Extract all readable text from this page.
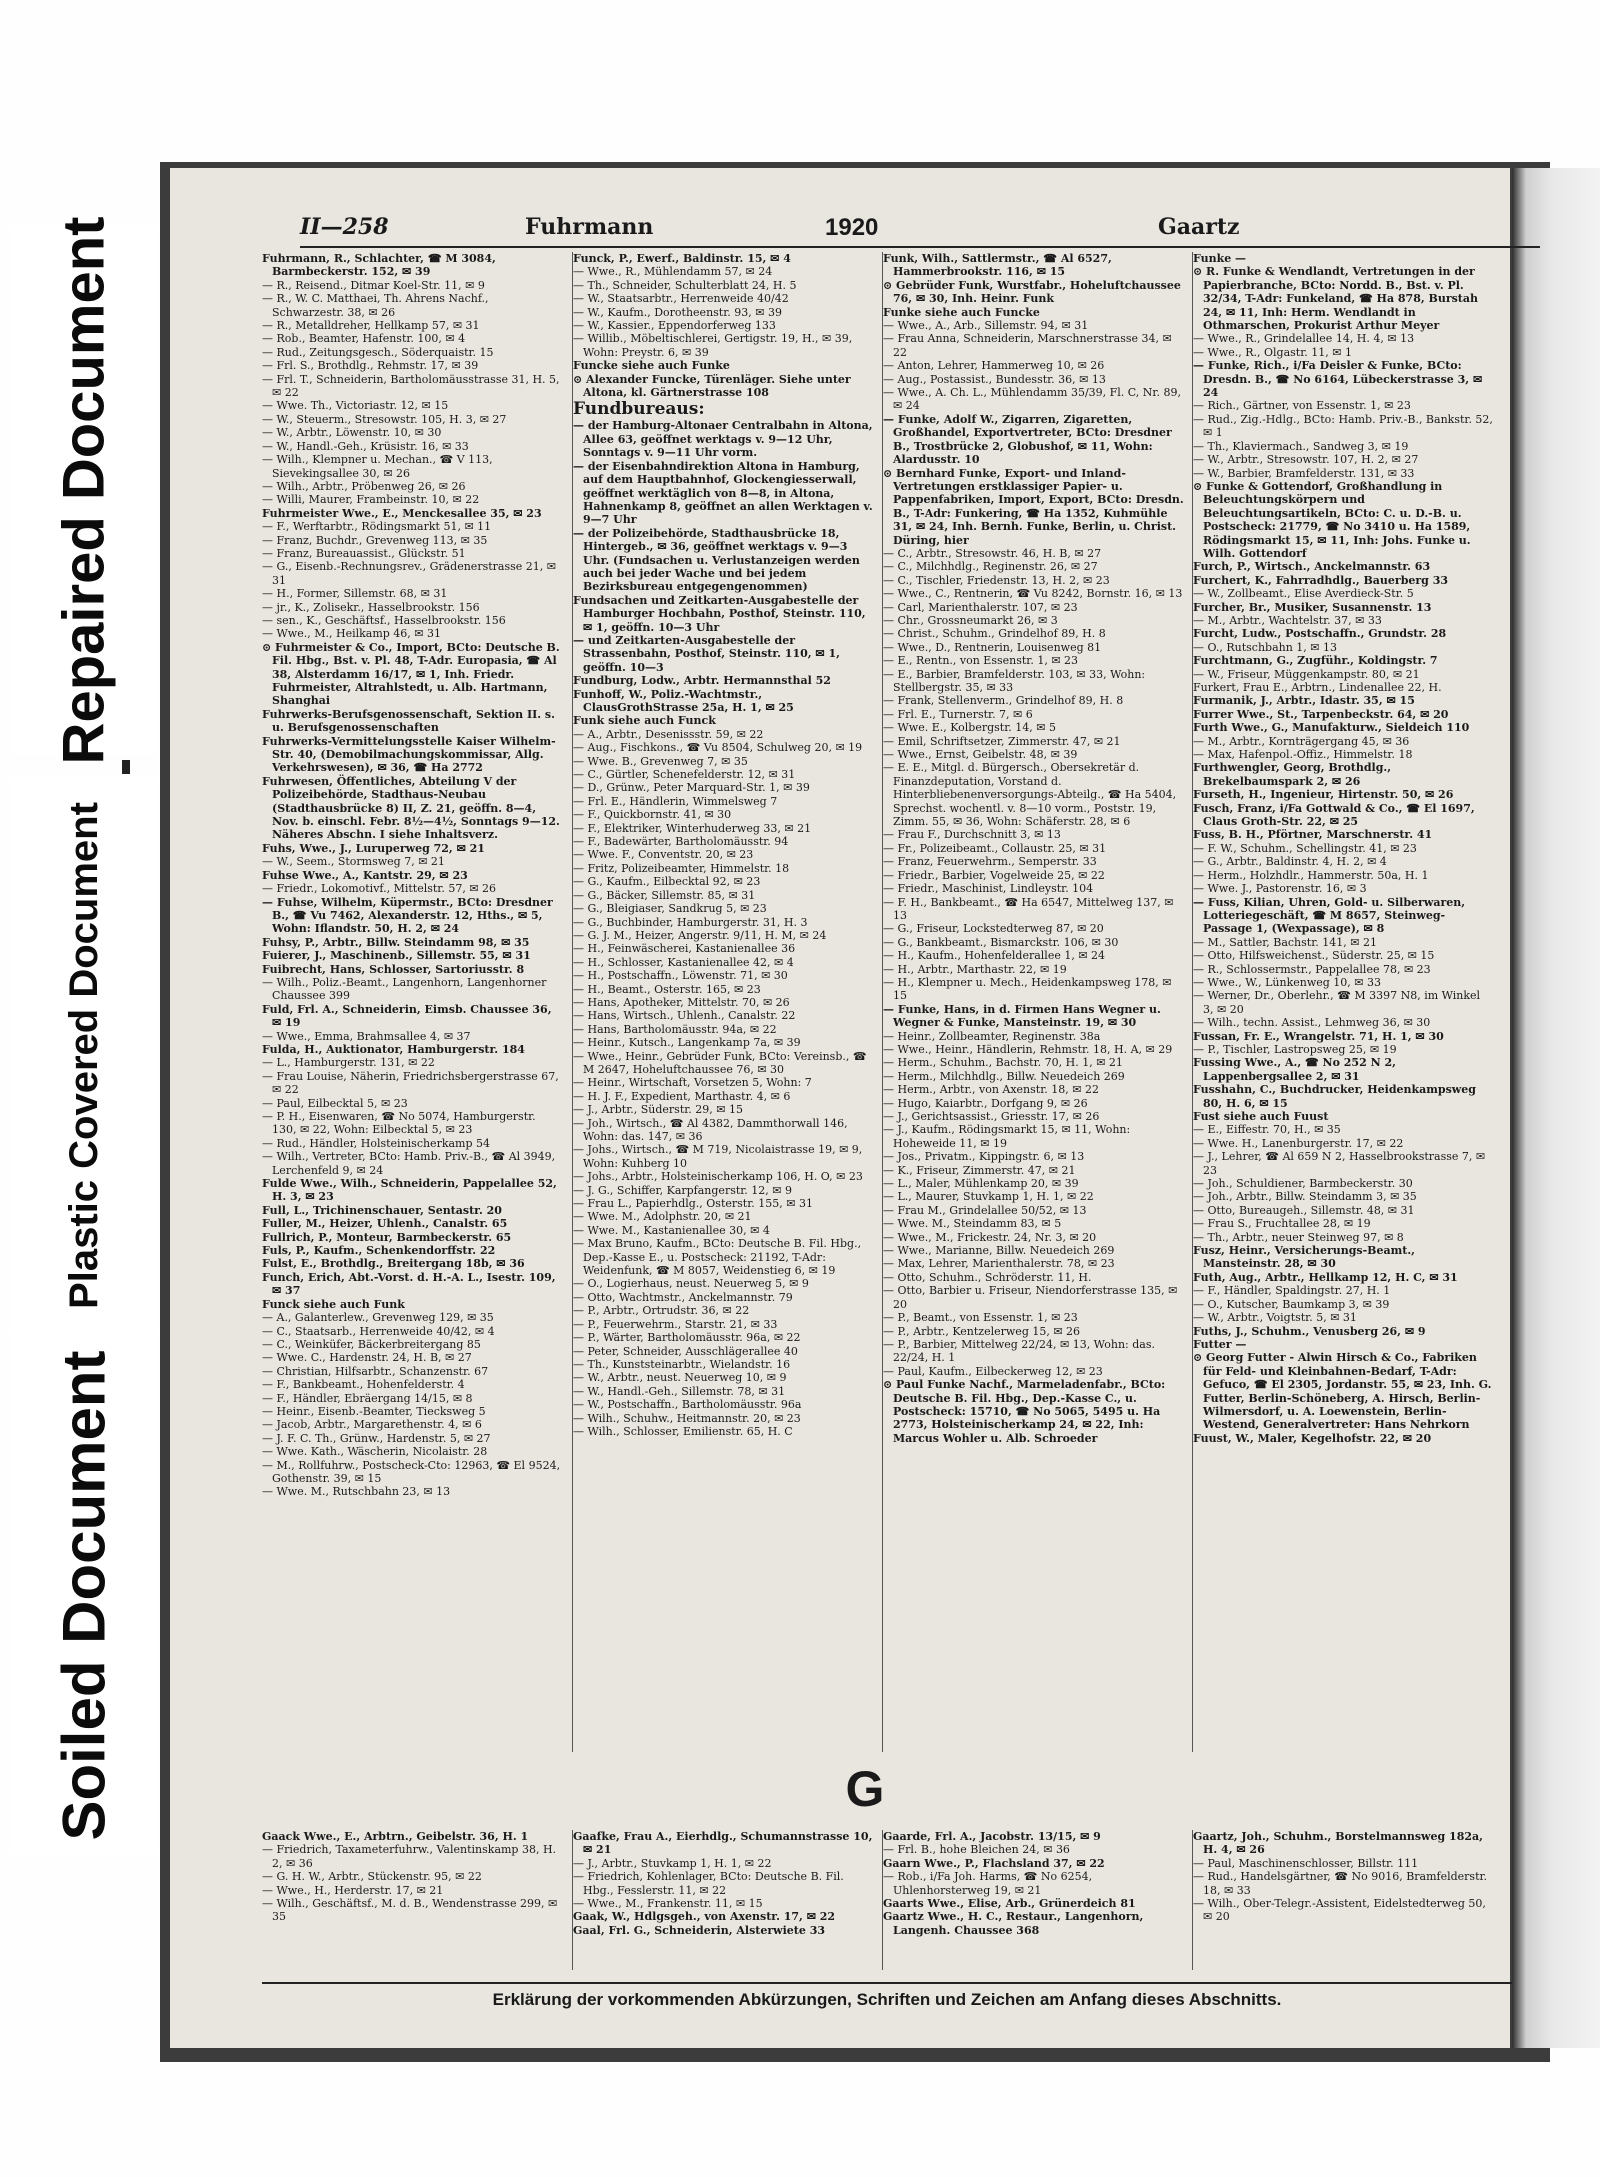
Repaired Document
Plastic Covered Document
Soiled Document
II—258	Fuhrmann	1920	Gaartz
Fuhrmann, R., Schlachter, ☎ M 3084, Barmbeckerstr. 152, ✉ 39
— R., Reisend., Ditmar Koel-Str. 11, ✉ 9
— R., W. C. Matthaei, Th. Ahrens Nachf., Schwarzestr. 38, ✉ 26
— R., Metalldreher, Hellkamp 57, ✉ 31
— Rob., Beamter, Hafenstr. 100, ✉ 4
— Rud., Zeitungsgesch., Söderquaistr. 15
— Frl. S., Brothdlg., Rehmstr. 17, ✉ 39
— Frl. T., Schneiderin, Bartholomäusstrasse 31, H. 5, ✉ 22
— Wwe. Th., Victoriastr. 12, ✉ 15
— W., Steuerm., Stresowstr. 105, H. 3, ✉ 27
— W., Arbtr., Löwenstr. 10, ✉ 30
— W., Handl.-Geh., Krüsistr. 16, ✉ 33
— Wilh., Klempner u. Mechan., ☎ V 113, Sievekingsallee 30, ✉ 26
— Wilh., Arbtr., Pröbenweg 26, ✉ 26
— Willi, Maurer, Frambeinstr. 10, ✉ 22
Fuhrmeister Wwe., E., Menckesallee 35, ✉ 23
— F., Werftarbtr., Rödingsmarkt 51, ✉ 11
— Franz, Buchdr., Grevenweg 113, ✉ 35
— Franz, Bureauassist., Glückstr. 51
— G., Eisenb.-Rechnungsrev., Grädenerstrasse 21, ✉ 31
— H., Former, Sillemstr. 68, ✉ 31
— jr., K., Zolisekr., Hasselbrookstr. 156
— sen., K., Geschäftsf., Hasselbrookstr. 156
— Wwe., M., Heilkamp 46, ✉ 31
⊙ Fuhrmeister & Co., Import, BCto: Deutsche B. Fil. Hbg., Bst. v. Pl. 48, T-Adr. Europasia, ☎ Al 38, Alsterdamm 16/17, ✉ 1, Inh. Friedr. Fuhrmeister, Altrahlstedt, u. Alb. Hartmann, Shanghai
Fuhrwerks-Berufsgenossenschaft, Sektion II. s. u. Berufsgenossenschaften
Fuhrwerks-Vermittelungsstelle Kaiser Wilhelm-Str. 40, (Demobilmachungskommissar, Allg. Verkehrswesen), ✉ 36, ☎ Ha 2772
Fuhrwesen, Öffentliches, Abteilung V der Polizeibehörde, Stadthaus-Neubau (Stadthausbrücke 8) II, Z. 21, geöffn. 8—4, Nov. b. einschl. Febr. 8½—4½, Sonntags 9—12. Näheres Abschn. I siehe Inhaltsverz.
Fuhs, Wwe., J., Luruperweg 72, ✉ 21
— W., Seem., Stormsweg 7, ✉ 21
Fuhse Wwe., A., Kantstr. 29, ✉ 23
— Friedr., Lokomotivf., Mittelstr. 57, ✉ 26
— Fuhse, Wilhelm, Küpermstr., BCto: Dresdner B., ☎ Vu 7462, Alexanderstr. 12, Hths., ✉ 5, Wohn: Iflandstr. 50, H. 2, ✉ 24
Fuhsy, P., Arbtr., Billw. Steindamm 98, ✉ 35
Fuierer, J., Maschinenb., Sillemstr. 55, ✉ 31
Fuibrecht, Hans, Schlosser, Sartoriusstr. 8
— Wilh., Poliz.-Beamt., Langenhorn, Langenhorner Chaussee 399
Fuld, Frl. A., Schneiderin, Eimsb. Chaussee 36, ✉ 19
— Wwe., Emma, Brahmsallee 4, ✉ 37
Fulda, H., Auktionator, Hamburgerstr. 184
— L., Hamburgerstr. 131, ✉ 22
— Frau Louise, Näherin, Friedrichsbergerstrasse 67, ✉ 22
— Paul, Eilbecktal 5, ✉ 23
— P. H., Eisenwaren, ☎ No 5074, Hamburgerstr. 130, ✉ 22, Wohn: Eilbecktal 5, ✉ 23
— Rud., Händler, Holsteinischerkamp 54
— Wilh., Vertreter, BCto: Hamb. Priv.-B., ☎ Al 3949, Lerchenfeld 9, ✉ 24
Fulde Wwe., Wilh., Schneiderin, Pappelallee 52, H. 3, ✉ 23
Full, L., Trichinenschauer, Sentastr. 20
Fuller, M., Heizer, Uhlenh., Canalstr. 65
Fullrich, P., Monteur, Barmbeckerstr. 65
Fuls, P., Kaufm., Schenkendorffstr. 22
Fulst, E., Brothdlg., Breitergang 18b, ✉ 36
Funch, Erich, Abt.-Vorst. d. H.-A. L., Isestr. 109, ✉ 37
Funck siehe auch Funk
— A., Galanterlew., Grevenweg 129, ✉ 35
— C., Staatsarb., Herrenweide 40/42, ✉ 4
— C., Weinküfer, Bäckerbreitergang 85
— Wwe. C., Hardenstr. 24, H. B, ✉ 27
— Christian, Hilfsarbtr., Schanzenstr. 67
— F., Bankbeamt., Hohenfelderstr. 4
— F., Händler, Ebräergang 14/15, ✉ 8
— Heinr., Eisenb.-Beamter, Tiecksweg 5
— Jacob, Arbtr., Margarethenstr. 4, ✉ 6
— J. F. C. Th., Grünw., Hardenstr. 5, ✉ 27
— Wwe. Kath., Wäscherin, Nicolaistr. 28
— M., Rollfuhrw., Postscheck-Cto: 12963, ☎ El 9524, Gothenstr. 39, ✉ 15
— Wwe. M., Rutschbahn 23, ✉ 13
Funck, P., Ewerf., Baldinstr. 15, ✉ 4
— Wwe., R., Mühlendamm 57, ✉ 24
— Th., Schneider, Schulterblatt 24, H. 5
— W., Staatsarbtr., Herrenweide 40/42
— W., Kaufm., Dorotheenstr. 93, ✉ 39
— W., Kassier., Eppendorferweg 133
— Willib., Möbeltischlerei, Gertigstr. 19, H., ✉ 39, Wohn: Preystr. 6, ✉ 39
Funcke siehe auch Funke
⊙ Alexander Funcke, Türenläger. Siehe unter Altona, kl. Gärtnerstrasse 108
Fundbureaus:
— der Hamburg-Altonaer Centralbahn in Altona, Allee 63, geöffnet werktags v. 9—12 Uhr, Sonntags v. 9—11 Uhr vorm.
— der Eisenbahndirektion Altona in Hamburg, auf dem Hauptbahnhof, Glockengiesserwall, geöffnet werktäglich von 8—8, in Altona, Hahnenkamp 8, geöffnet an allen Werktagen v. 9—7 Uhr
— der Polizeibehörde, Stadthausbrücke 18, Hintergeb., ✉ 36, geöffnet werktags v. 9—3 Uhr. (Fundsachen u. Verlustanzeigen werden auch bei jeder Wache und bei jedem Bezirksbureau entgegengenommen)
Fundsachen und Zeitkarten-Ausgabestelle der Hamburger Hochbahn, Posthof, Steinstr. 110, ✉ 1, geöffn. 10—3 Uhr
— und Zeitkarten-Ausgabestelle der Strassenbahn, Posthof, Steinstr. 110, ✉ 1, geöffn. 10—3
Fundburg, Lodw., Arbtr. Hermannsthal 52
Funhoff, W., Poliz.-Wachtmstr., ClausGrothStrasse 25a, H. 1, ✉ 25
Funk siehe auch Funck
— A., Arbtr., Desenissstr. 59, ✉ 22
— Aug., Fischkons., ☎ Vu 8504, Schulweg 20, ✉ 19
— Wwe. B., Grevenweg 7, ✉ 35
— C., Gürtler, Schenefelderstr. 12, ✉ 31
— D., Grünw., Peter Marquard-Str. 1, ✉ 39
— Frl. E., Händlerin, Wimmelsweg 7
— F., Quickbornstr. 41, ✉ 30
— F., Elektriker, Winterhuderweg 33, ✉ 21
— F., Badewärter, Bartholomäusstr. 94
— Wwe. F., Conventstr. 20, ✉ 23
— Fritz, Polizeibeamter, Himmelstr. 18
— G., Kaufm., Eilbecktal 92, ✉ 23
— G., Bäcker, Sillemstr. 85, ✉ 31
— G., Bleigiaser, Sandkrug 5, ✉ 23
— G., Buchbinder, Hamburgerstr. 31, H. 3
— G. J. M., Heizer, Angerstr. 9/11, H. M, ✉ 24
— H., Feinwäscherei, Kastanienallee 36
— H., Schlosser, Kastanienallee 42, ✉ 4
— H., Postschaffn., Löwenstr. 71, ✉ 30
— H., Beamt., Osterstr. 165, ✉ 23
— Hans, Apotheker, Mittelstr. 70, ✉ 26
— Hans, Wirtsch., Uhlenh., Canalstr. 22
— Hans, Bartholomäusstr. 94a, ✉ 22
— Heinr., Kutsch., Langenkamp 7a, ✉ 39
— Wwe., Heinr., Gebrüder Funk, BCto: Vereinsb., ☎ M 2647, Hoheluftchaussee 76, ✉ 30
— Heinr., Wirtschaft, Vorsetzen 5, Wohn: 7
— H. J. F., Expedient, Marthastr. 4, ✉ 6
— J., Arbtr., Süderstr. 29, ✉ 15
— Joh., Wirtsch., ☎ Al 4382, Dammthorwall 146, Wohn: das. 147, ✉ 36
— Johs., Wirtsch., ☎ M 719, Nicolaistrasse 19, ✉ 9, Wohn: Kuhberg 10
— Johs., Arbtr., Holsteinischerkamp 106, H. O, ✉ 23
— J. G., Schiffer, Karpfangerstr. 12, ✉ 9
— Frau L., Papierhdlg., Osterstr. 155, ✉ 31
— Wwe. M., Adolphstr. 20, ✉ 21
— Wwe. M., Kastanienallee 30, ✉ 4
— Max Bruno, Kaufm., BCto: Deutsche B. Fil. Hbg., Dep.-Kasse E., u. Postscheck: 21192, T-Adr: Weidenfunk, ☎ M 8057, Weidenstieg 6, ✉ 19
— O., Logierhaus, neust. Neuerweg 5, ✉ 9
— Otto, Wachtmstr., Anckelmannstr. 79
— P., Arbtr., Ortrudstr. 36, ✉ 22
— P., Feuerwehrm., Starstr. 21, ✉ 33
— P., Wärter, Bartholomäusstr. 96a, ✉ 22
— Peter, Schneider, Ausschlägerallee 40
— Th., Kunststeinarbtr., Wielandstr. 16
— W., Arbtr., neust. Neuerweg 10, ✉ 9
— W., Handl.-Geh., Sillemstr. 78, ✉ 31
— W., Postschaffn., Bartholomäusstr. 96a
— Wilh., Schuhw., Heitmannstr. 20, ✉ 23
— Wilh., Schlosser, Emilienstr. 65, H. C
Funk, Wilh., Sattlermstr., ☎ Al 6527, Hammerbrookstr. 116, ✉ 15
⊙ Gebrüder Funk, Wurstfabr., Hoheluftchaussee 76, ✉ 30, Inh. Heinr. Funk
Funke siehe auch Funcke
— Wwe., A., Arb., Sillemstr. 94, ✉ 31
— Frau Anna, Schneiderin, Marschnerstrasse 34, ✉ 22
— Anton, Lehrer, Hammerweg 10, ✉ 26
— Aug., Postassist., Bundesstr. 36, ✉ 13
— Wwe., A. Ch. L., Mühlendamm 35/39, Fl. C, Nr. 89, ✉ 24
— Funke, Adolf W., Zigarren, Zigaretten, Großhandel, Exportvertreter, BCto: Dresdner B., Trostbrücke 2, Globushof, ✉ 11, Wohn: Alardusstr. 10
⊙ Bernhard Funke, Export- und Inland-Vertretungen erstklassiger Papier- u. Pappenfabriken, Import, Export, BCto: Dresdn. B., T-Adr: Funkering, ☎ Ha 1352, Kuhmühle 31, ✉ 24, Inh. Bernh. Funke, Berlin, u. Christ. Düring, hier
— C., Arbtr., Stresowstr. 46, H. B, ✉ 27
— C., Milchhdlg., Reginenstr. 26, ✉ 27
— C., Tischler, Friedenstr. 13, H. 2, ✉ 23
— Wwe., C., Rentnerin, ☎ Vu 8242, Bornstr. 16, ✉ 13
— Carl, Marienthalerstr. 107, ✉ 23
— Chr., Grossneumarkt 26, ✉ 3
— Christ., Schuhm., Grindelhof 89, H. 8
— Wwe., D., Rentnerin, Louisenweg 81
— E., Rentn., von Essenstr. 1, ✉ 23
— E., Barbier, Bramfelderstr. 103, ✉ 33, Wohn: Stellbergstr. 35, ✉ 33
— Frank, Stellenverm., Grindelhof 89, H. 8
— Frl. E., Turnerstr. 7, ✉ 6
— Wwe. E., Kolbergstr. 14, ✉ 5
— Emil, Schriftsetzer, Zimmerstr. 47, ✉ 21
— Wwe., Ernst, Geibelstr. 48, ✉ 39
— E. E., Mitgl. d. Bürgersch., Obersekretär d. Finanzdeputation, Vorstand d. Hinterbliebenenversorgungs-Abteilg., ☎ Ha 5404, Sprechst. wochentl. v. 8—10 vorm., Poststr. 19, Zimm. 55, ✉ 36, Wohn: Schäferstr. 28, ✉ 6
— Frau F., Durchschnitt 3, ✉ 13
— Fr., Polizeibeamt., Collaustr. 25, ✉ 31
— Franz, Feuerwehrm., Semperstr. 33
— Friedr., Barbier, Vogelweide 25, ✉ 22
— Friedr., Maschinist, Lindleystr. 104
— F. H., Bankbeamt., ☎ Ha 6547, Mittelweg 137, ✉ 13
— G., Friseur, Lockstedterweg 87, ✉ 20
— G., Bankbeamt., Bismarckstr. 106, ✉ 30
— H., Kaufm., Hohenfelderallee 1, ✉ 24
— H., Arbtr., Marthastr. 22, ✉ 19
— H., Klempner u. Mech., Heidenkampsweg 178, ✉ 15
— Funke, Hans, in d. Firmen Hans Wegner u. Wegner & Funke, Mansteinstr. 19, ✉ 30
— Heinr., Zollbeamter, Reginenstr. 38a
— Wwe., Heinr., Händlerin, Rehmstr. 18, H. A, ✉ 29
— Herm., Schuhm., Bachstr. 70, H. 1, ✉ 21
— Herm., Milchhdlg., Billw. Neuedeich 269
— Herm., Arbtr., von Axenstr. 18, ✉ 22
— Hugo, Kaiarbtr., Dorfgang 9, ✉ 26
— J., Gerichtsassist., Griesstr. 17, ✉ 26
— J., Kaufm., Rödingsmarkt 15, ✉ 11, Wohn: Hoheweide 11, ✉ 19
— Jos., Privatm., Kippingstr. 6, ✉ 13
— K., Friseur, Zimmerstr. 47, ✉ 21
— L., Maler, Mühlenkamp 20, ✉ 39
— L., Maurer, Stuvkamp 1, H. 1, ✉ 22
— Frau M., Grindelallee 50/52, ✉ 13
— Wwe. M., Steindamm 83, ✉ 5
— Wwe., M., Frickestr. 24, Nr. 3, ✉ 20
— Wwe., Marianne, Billw. Neuedeich 269
— Max, Lehrer, Marienthalerstr. 78, ✉ 23
— Otto, Schuhm., Schröderstr. 11, H.
— Otto, Barbier u. Friseur, Niendorferstrasse 135, ✉ 20
— P., Beamt., von Essenstr. 1, ✉ 23
— P., Arbtr., Kentzelerweg 15, ✉ 26
— P., Barbier, Mittelweg 22/24, ✉ 13, Wohn: das. 22/24, H. 1
— Paul, Kaufm., Eilbeckerweg 12, ✉ 23
⊙ Paul Funke Nachf., Marmeladenfabr., BCto: Deutsche B. Fil. Hbg., Dep.-Kasse C., u. Postscheck: 15710, ☎ No 5065, 5495 u. Ha 2773, Holsteinischerkamp 24, ✉ 22, Inh: Marcus Wohler u. Alb. Schroeder
Funke —
⊙ R. Funke & Wendlandt, Vertretungen in der Papierbranche, BCto: Nordd. B., Bst. v. Pl. 32/34, T-Adr: Funkeland, ☎ Ha 878, Burstah 24, ✉ 11, Inh: Herm. Wendlandt in Othmarschen, Prokurist Arthur Meyer
— Wwe., R., Grindelallee 14, H. 4, ✉ 13
— Wwe., R., Olgastr. 11, ✉ 1
— Funke, Rich., i/Fa Deisler & Funke, BCto: Dresdn. B., ☎ No 6164, Lübeckerstrasse 3, ✉ 24
— Rich., Gärtner, von Essenstr. 1, ✉ 23
— Rud., Zig.-Hdlg., BCto: Hamb. Priv.-B., Bankstr. 52, ✉ 1
— Th., Klaviermach., Sandweg 3, ✉ 19
— W., Arbtr., Stresowstr. 107, H. 2, ✉ 27
— W., Barbier, Bramfelderstr. 131, ✉ 33
⊙ Funke & Gottendorf, Großhandlung in Beleuchtungskörpern und Beleuchtungsartikeln, BCto: C. u. D.-B. u. Postscheck: 21779, ☎ No 3410 u. Ha 1589, Rödingsmarkt 15, ✉ 11, Inh: Johs. Funke u. Wilh. Gottendorf
Furch, P., Wirtsch., Anckelmannstr. 63
Furchert, K., Fahrradhdlg., Bauerberg 33
— W., Zollbeamt., Elise Averdieck-Str. 5
Furcher, Br., Musiker, Susannenstr. 13
— M., Arbtr., Wachtelstr. 37, ✉ 33
Furcht, Ludw., Postschaffn., Grundstr. 28
— O., Rutschbahn 1, ✉ 13
Furchtmann, G., Zugführ., Koldingstr. 7
— W., Friseur, Müggenkampstr. 80, ✉ 21
Furkert, Frau E., Arbtrn., Lindenallee 22, H.
Furmanik, J., Arbtr., Idastr. 35, ✉ 15
Furrer Wwe., St., Tarpenbeckstr. 64, ✉ 20
Furth Wwe., G., Manufakturw., Sieldeich 110
— M., Arbtr., Kornträgergang 45, ✉ 36
— Max, Hafenpol.-Offiz., Himmelstr. 18
Furthwengler, Georg, Brothdlg., Brekelbaumspark 2, ✉ 26
Furseth, H., Ingenieur, Hirtenstr. 50, ✉ 26
Fusch, Franz, i/Fa Gottwald & Co., ☎ El 1697, Claus Groth-Str. 22, ✉ 25
Fuss, B. H., Pförtner, Marschnerstr. 41
— F. W., Schuhm., Schellingstr. 41, ✉ 23
— G., Arbtr., Baldinstr. 4, H. 2, ✉ 4
— Herm., Holzhdlr., Hammerstr. 50a, H. 1
— Wwe. J., Pastorenstr. 16, ✉ 3
— Fuss, Kilian, Uhren, Gold- u. Silberwaren, Lotteriegeschäft, ☎ M 8657, Steinweg-Passage 1, (Wexpassage), ✉ 8
— M., Sattler, Bachstr. 141, ✉ 21
— Otto, Hilfsweichenst., Süderstr. 25, ✉ 15
— R., Schlossermstr., Pappelallee 78, ✉ 23
— Wwe., W., Lünkenweg 10, ✉ 33
— Werner, Dr., Oberlehr., ☎ M 3397 N8, im Winkel 3, ✉ 20
— Wilh., techn. Assist., Lehmweg 36, ✉ 30
Fussan, Fr. E., Wrangelstr. 71, H. 1, ✉ 30
— P., Tischler, Lastropsweg 25, ✉ 19
Fussing Wwe., A., ☎ No 252 N 2, Lappenbergsallee 2, ✉ 31
Fusshahn, C., Buchdrucker, Heidenkampsweg 80, H. 6, ✉ 15
Fust siehe auch Fuust
— E., Eiffestr. 70, H., ✉ 35
— Wwe. H., Lanenburgerstr. 17, ✉ 22
— J., Lehrer, ☎ Al 659 N 2, Hasselbrookstrasse 7, ✉ 23
— Joh., Schuldiener, Barmbeckerstr. 30
— Joh., Arbtr., Billw. Steindamm 3, ✉ 35
— Otto, Bureaugeh., Sillemstr. 48, ✉ 31
— Frau S., Fruchtallee 28, ✉ 19
— Th., Arbtr., neuer Steinweg 97, ✉ 8
Fusz, Heinr., Versicherungs-Beamt., Mansteinstr. 28, ✉ 30
Futh, Aug., Arbtr., Hellkamp 12, H. C, ✉ 31
— F., Händler, Spaldingstr. 27, H. 1
— O., Kutscher, Baumkamp 3, ✉ 39
— W., Arbtr., Voigtstr. 5, ✉ 31
Fuths, J., Schuhm., Venusberg 26, ✉ 9
Futter —
⊙ Georg Futter - Alwin Hirsch & Co., Fabriken für Feld- und Kleinbahnen-Bedarf, T-Adr: Gefuco, ☎ El 2305, Jordanstr. 55, ✉ 23, Inh. G. Futter, Berlin-Schöneberg, A. Hirsch, Berlin-Wilmersdorf, u. A. Loewenstein, Berlin-Westend, Generalvertreter: Hans Nehrkorn
Fuust, W., Maler, Kegelhofstr. 22, ✉ 20
G
Gaack Wwe., E., Arbtrn., Geibelstr. 36, H. 1
— Friedrich, Taxameterfuhrw., Valentinskamp 38, H. 2, ✉ 36
— G. H. W., Arbtr., Stückenstr. 95, ✉ 22
— Wwe., H., Herderstr. 17, ✉ 21
— Wilh., Geschäftsf., M. d. B., Wendenstrasse 299, ✉ 35
Gaafke, Frau A., Eierhdlg., Schumannstrasse 10, ✉ 21
— J., Arbtr., Stuvkamp 1, H. 1, ✉ 22
— Friedrich, Kohlenlager, BCto: Deutsche B. Fil. Hbg., Fesslerstr. 11, ✉ 22
— Wwe., M., Frankenstr. 11, ✉ 15
Gaak, W., Hdlgsgeh., von Axenstr. 17, ✉ 22
Gaal, Frl. G., Schneiderin, Alsterwiete 33
Gaarde, Frl. A., Jacobstr. 13/15, ✉ 9
— Frl. B., hohe Bleichen 24, ✉ 36
Gaarn Wwe., P., Flachsland 37, ✉ 22
— Rob., i/Fa Joh. Harms, ☎ No 6254, Uhlenhorsterweg 19, ✉ 21
Gaarts Wwe., Elise, Arb., Grünerdeich 81
Gaartz Wwe., H. C., Restaur., Langenhorn, Langenh. Chaussee 368
Gaartz, Joh., Schuhm., Borstelmannsweg 182a, H. 4, ✉ 26
— Paul, Maschinenschlosser, Billstr. 111
— Rud., Handelsgärtner, ☎ No 9016, Bramfelderstr. 18, ✉ 33
— Wilh., Ober-Telegr.-Assistent, Eidelstedterweg 50, ✉ 20
Erklärung der vorkommenden Abkürzungen, Schriften und Zeichen am Anfang dieses Abschnitts.
